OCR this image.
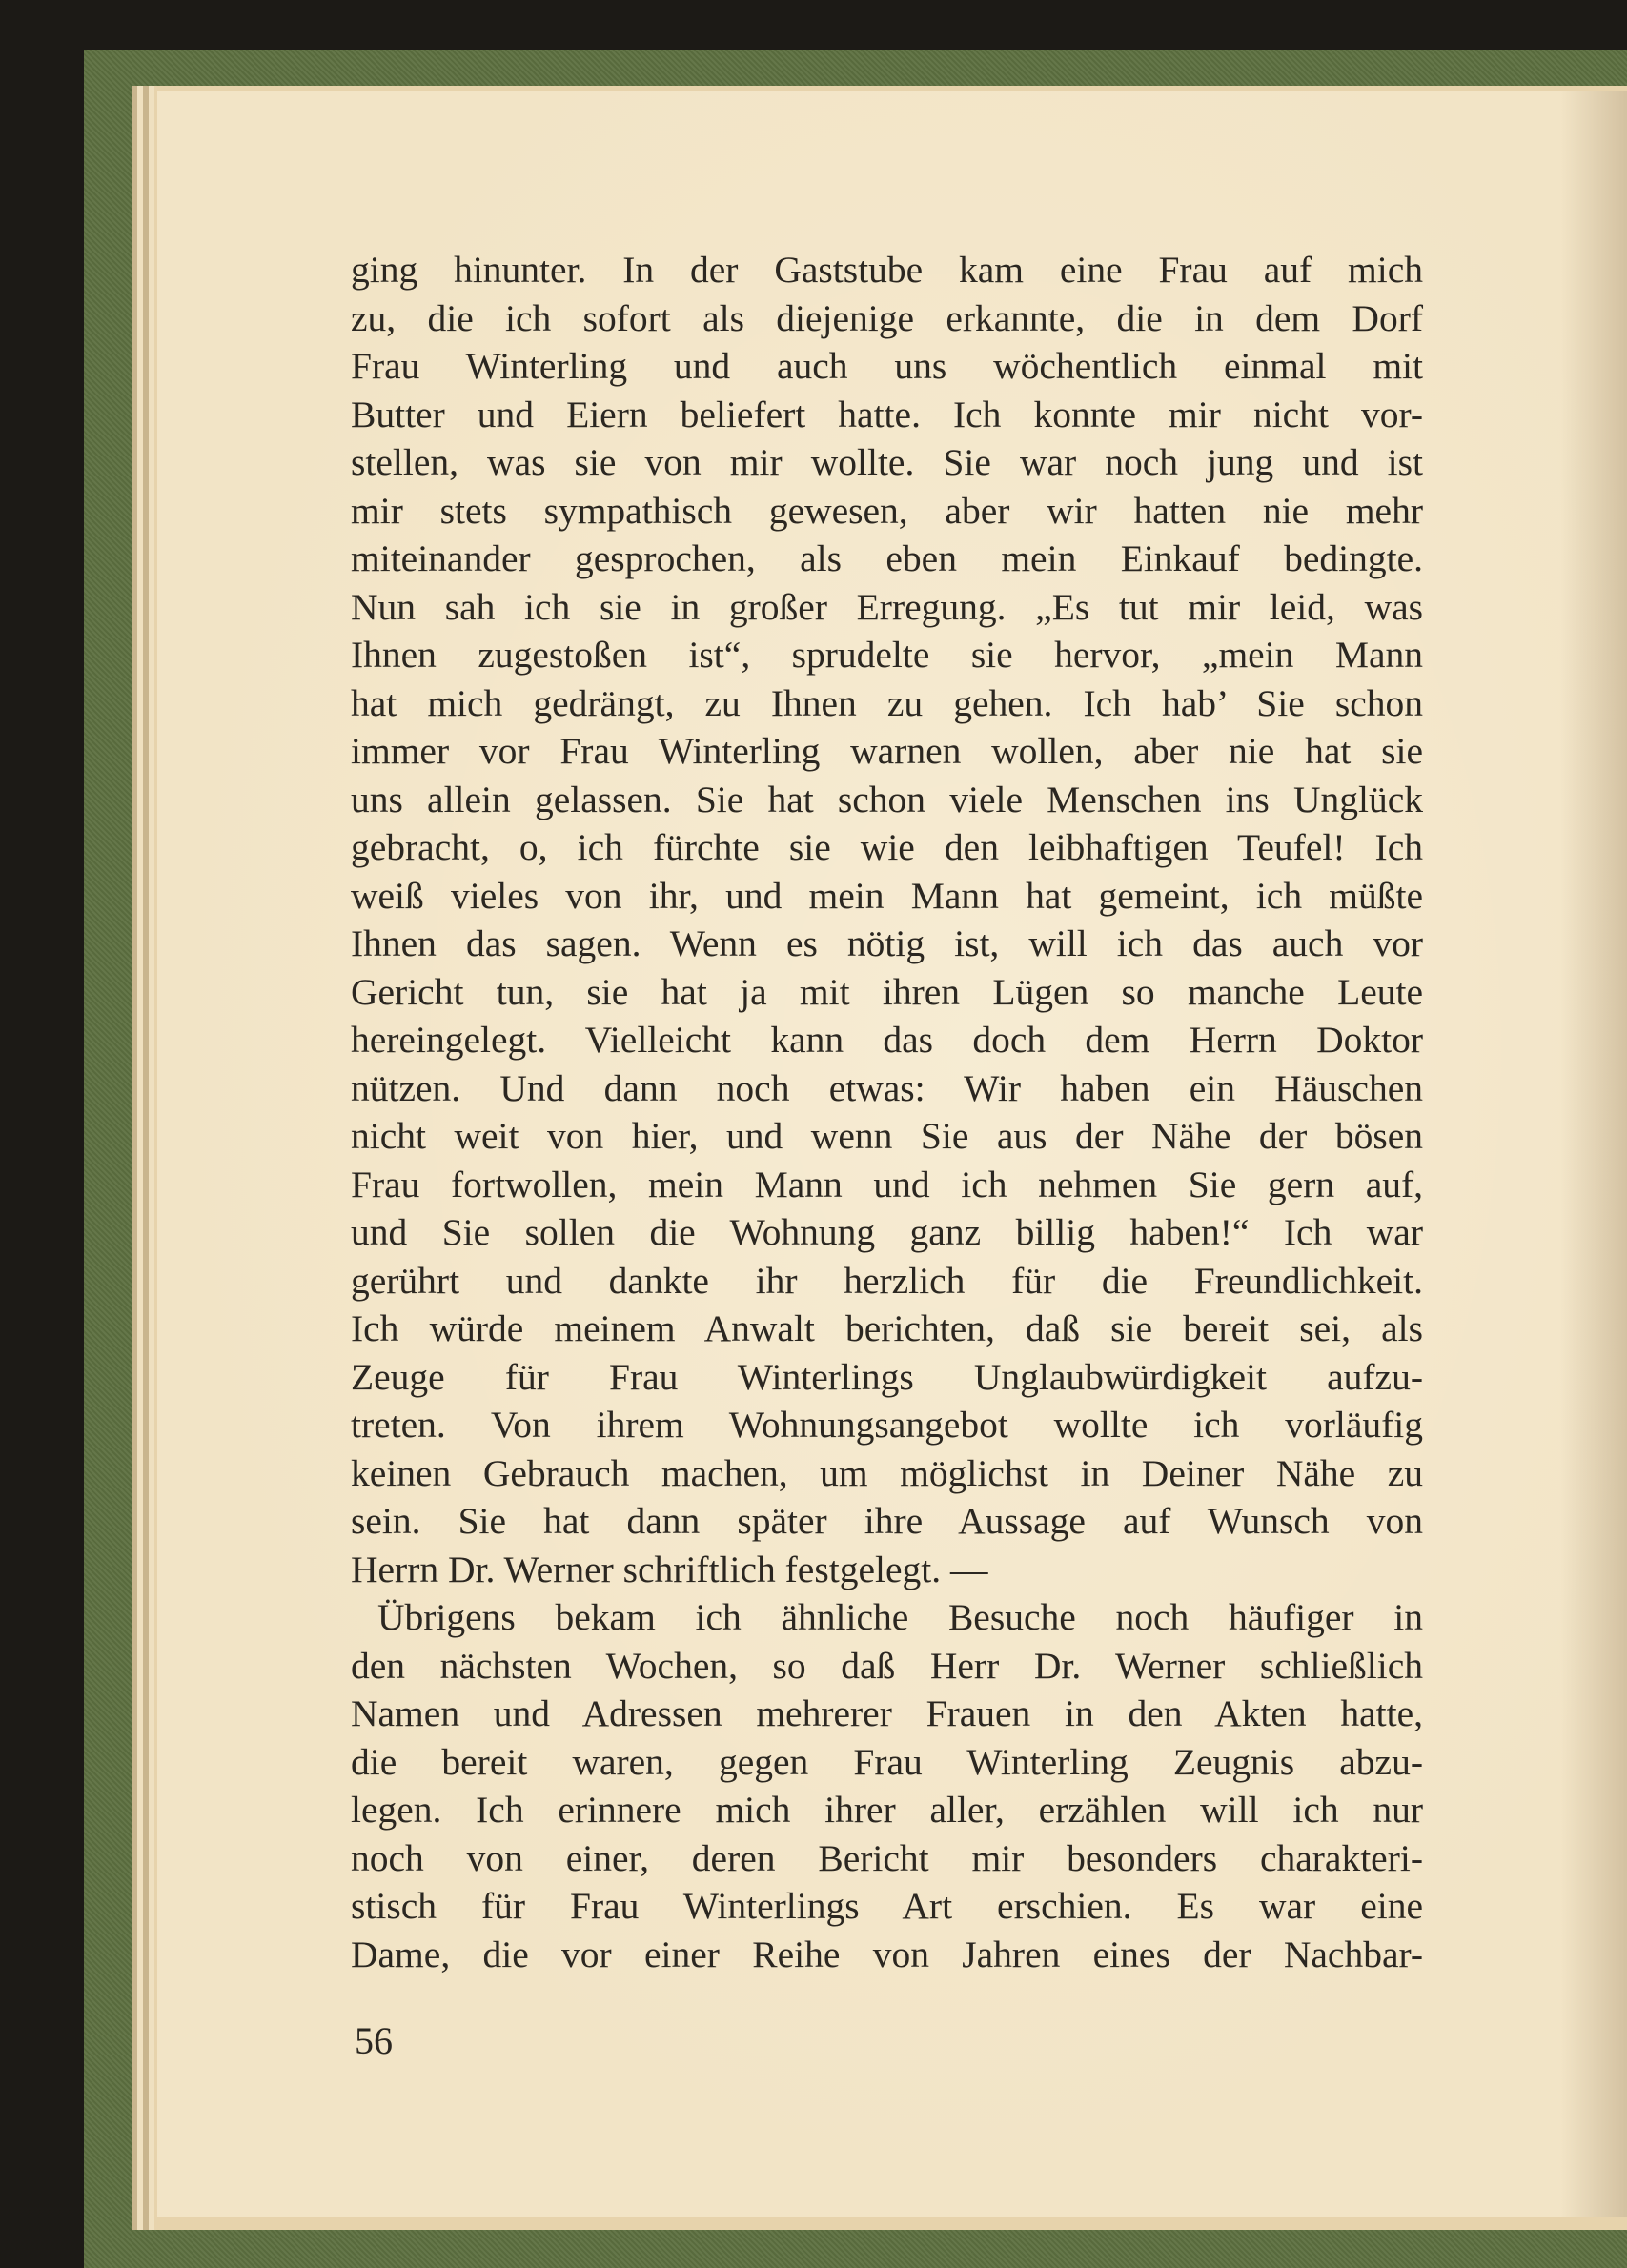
ging hinunter. In der Gaststube kam eine Frau auf mich
zu, die ich sofort als diejenige erkannte, die in dem Dorf
Frau Winterling und auch uns wöchentlich einmal mit
Butter und Eiern beliefert hatte. Ich konnte mir nicht vor-
stellen, was sie von mir wollte. Sie war noch jung und ist
mir stets sympathisch gewesen, aber wir hatten nie mehr
miteinander gesprochen, als eben mein Einkauf bedingte.
Nun sah ich sie in großer Erregung. „Es tut mir leid, was
Ihnen zugestoßen ist“, sprudelte sie hervor, „mein Mann
hat mich gedrängt, zu Ihnen zu gehen. Ich hab’ Sie schon
immer vor Frau Winterling warnen wollen, aber nie hat sie
uns allein gelassen. Sie hat schon viele Menschen ins Unglück
gebracht, o, ich fürchte sie wie den leibhaftigen Teufel! Ich
weiß vieles von ihr, und mein Mann hat gemeint, ich müßte
Ihnen das sagen. Wenn es nötig ist, will ich das auch vor
Gericht tun, sie hat ja mit ihren Lügen so manche Leute
hereingelegt. Vielleicht kann das doch dem Herrn Doktor
nützen. Und dann noch etwas: Wir haben ein Häuschen
nicht weit von hier, und wenn Sie aus der Nähe der bösen
Frau fortwollen, mein Mann und ich nehmen Sie gern auf,
und Sie sollen die Wohnung ganz billig haben!“ Ich war
gerührt und dankte ihr herzlich für die Freundlichkeit.
Ich würde meinem Anwalt berichten, daß sie bereit sei, als
Zeuge für Frau Winterlings Unglaubwürdigkeit aufzu-
treten. Von ihrem Wohnungsangebot wollte ich vorläufig
keinen Gebrauch machen, um möglichst in Deiner Nähe zu
sein. Sie hat dann später ihre Aussage auf Wunsch von
Herrn Dr. Werner schriftlich festgelegt. —
Übrigens bekam ich ähnliche Besuche noch häufiger in
den nächsten Wochen, so daß Herr Dr. Werner schließlich
Namen und Adressen mehrerer Frauen in den Akten hatte,
die bereit waren, gegen Frau Winterling Zeugnis abzu-
legen. Ich erinnere mich ihrer aller, erzählen will ich nur
noch von einer, deren Bericht mir besonders charakteri-
stisch für Frau Winterlings Art erschien. Es war eine
Dame, die vor einer Reihe von Jahren eines der Nachbar-
56
